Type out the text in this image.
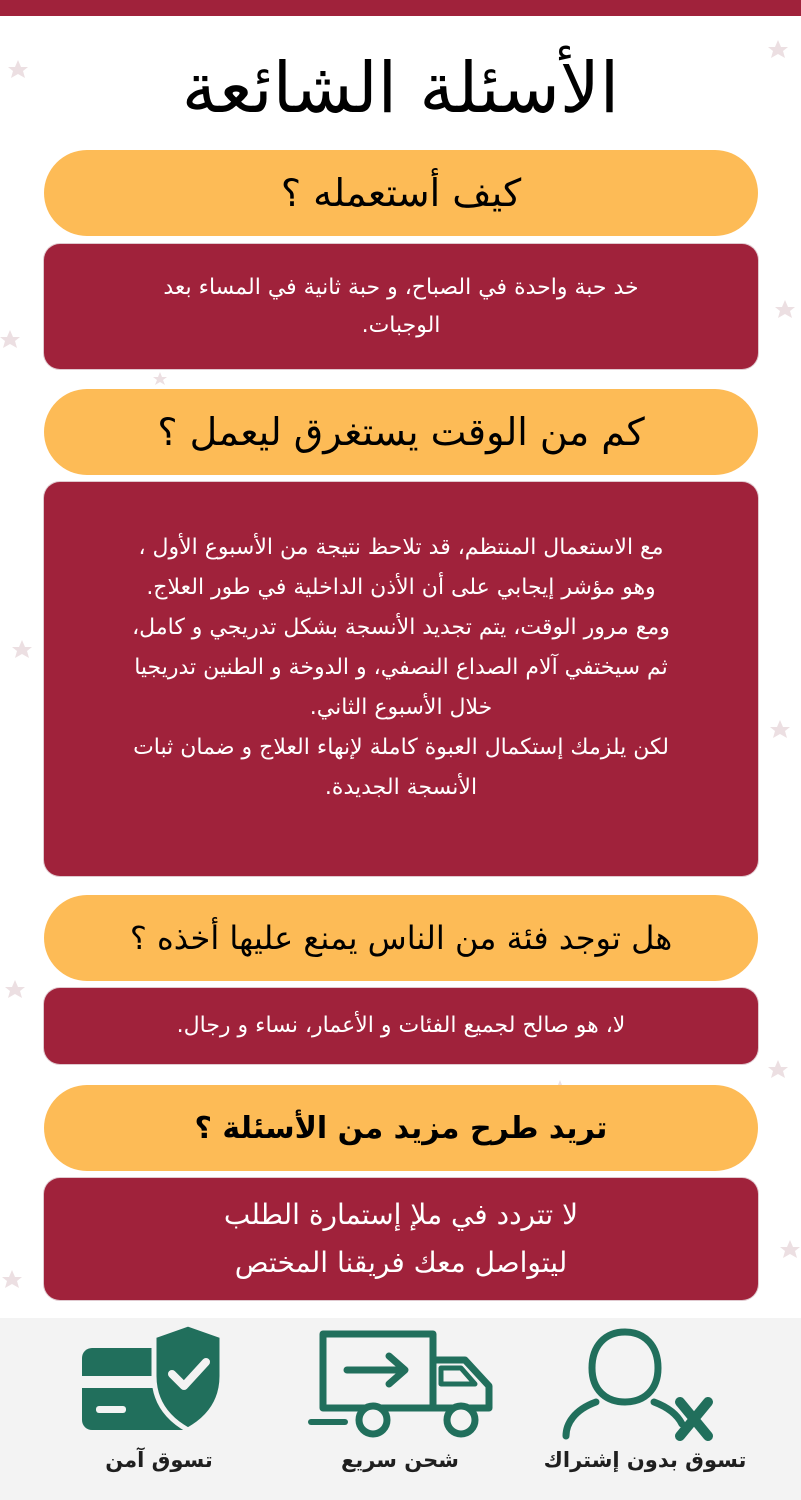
الأسئلة الشائعة
كيف أستعمله ؟

خد حبة واحدة في الصباح، و حبة ثانية في المساء بعد
الوجبات.

كم من الوقت يستغرق ليعمل ؟

مع الاستعمال المنتظم، قد تلاحظ نتيجة من الأسبوع الأول ،
وهو مؤشر إيجابي على أن الأذن الداخلية في طور العلاج.
ومع مرور الوقت، يتم تجديد الأنسجة بشكل تدريجي و كامل،
ثم سيختفي آلام الصداع النصفي، و الدوخة و الطنين تدريجيا
خلال الأسبوع الثاني.
لكن يلزمك إستكمال العبوة كاملة لإنهاء العلاج و ضمان ثبات
الأنسجة الجديدة.

هل توجد فئة من الناس يمنع عليها أخذه ؟

لا، هو صالح لجميع الفئات و الأعمار، نساء و رجال.

تريد طرح مزيد من الأسئلة ؟

لا تتردد في ملإ إستمارة الطلب
ليتواصل معك فريقنا المختص

تسوق آمن	شحن سريع	تسوق بدون إشتراك
